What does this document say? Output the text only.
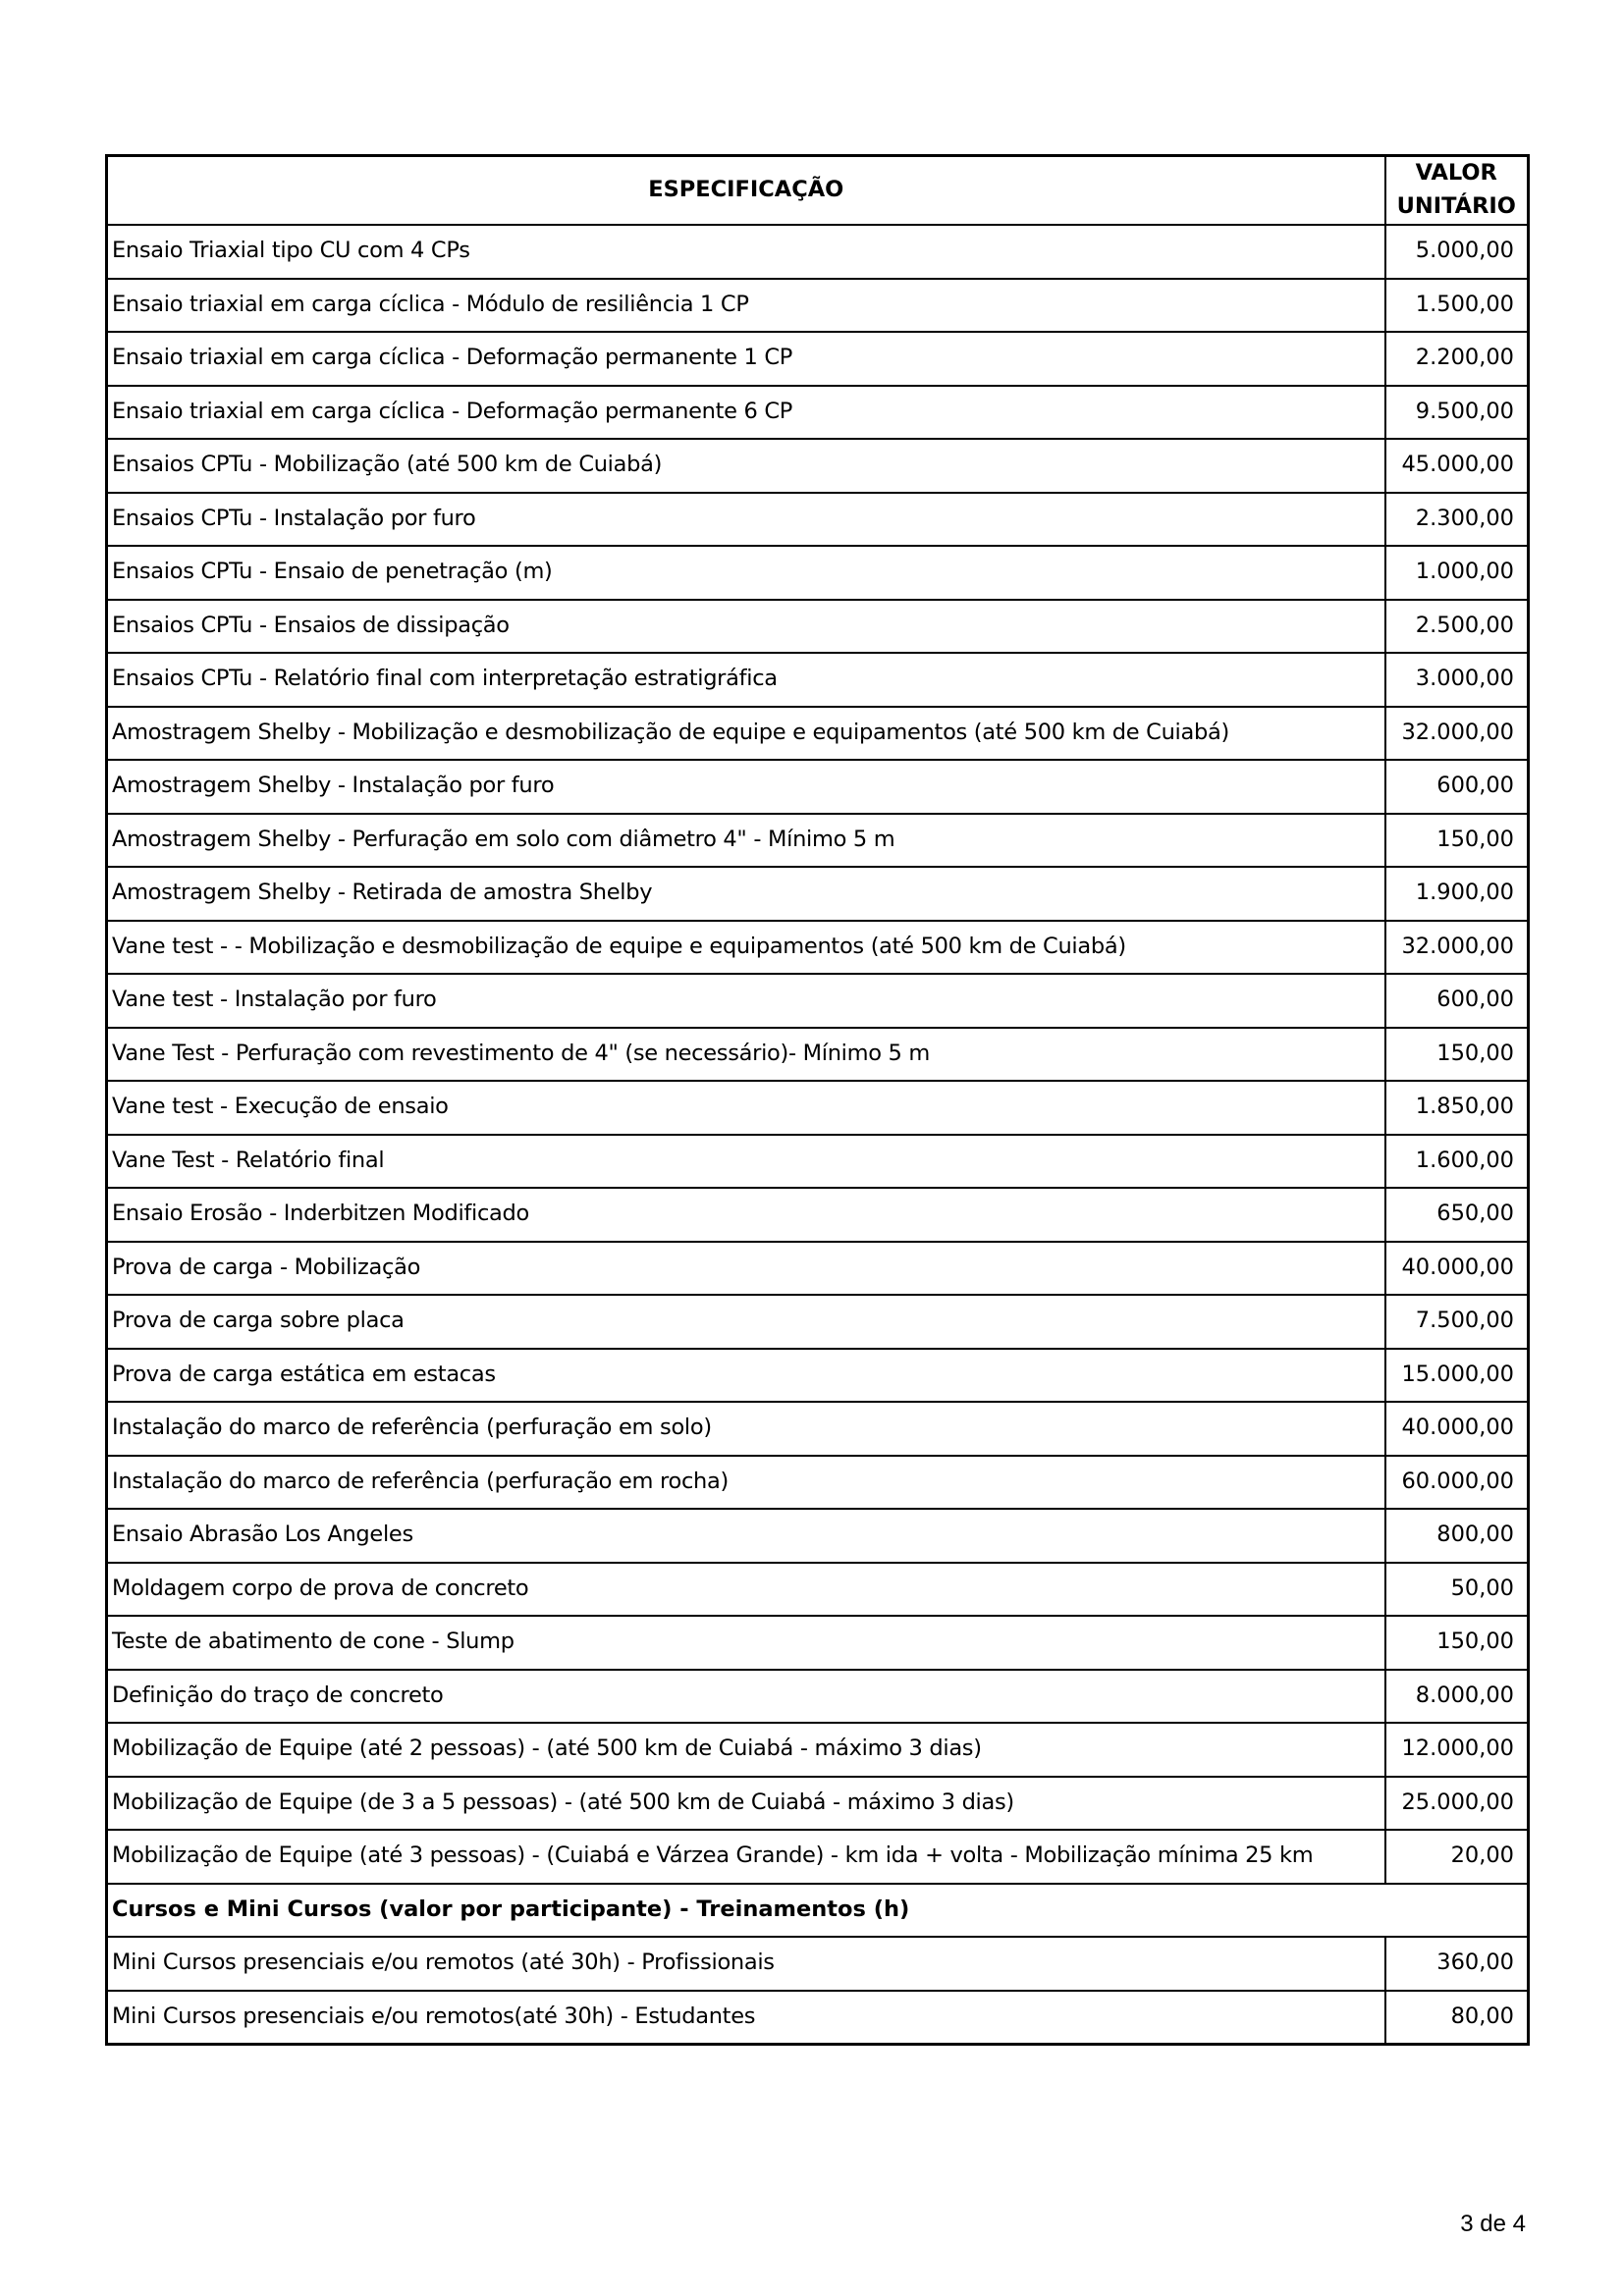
ESPECIFICAÇÃO	VALOR
UNITÁRIO
Ensaio Triaxial tipo CU com 4 CPs	5.000,00
Ensaio triaxial em carga cíclica - Módulo de resiliência 1 CP	1.500,00
Ensaio triaxial em carga cíclica - Deformação permanente 1 CP	2.200,00
Ensaio triaxial em carga cíclica - Deformação permanente 6 CP	9.500,00
Ensaios CPTu - Mobilização (até 500 km de Cuiabá)	45.000,00
Ensaios CPTu - Instalação por furo	2.300,00
Ensaios CPTu - Ensaio de penetração (m)	1.000,00
Ensaios CPTu - Ensaios de dissipação	2.500,00
Ensaios CPTu - Relatório final com interpretação estratigráfica	3.000,00
Amostragem Shelby - Mobilização e desmobilização de equipe e equipamentos (até 500 km de Cuiabá)	32.000,00
Amostragem Shelby - Instalação por furo	600,00
Amostragem Shelby - Perfuração em solo com diâmetro 4" - Mínimo 5 m	150,00
Amostragem Shelby - Retirada de amostra Shelby	1.900,00
Vane test - - Mobilização e desmobilização de equipe e equipamentos (até 500 km de Cuiabá)	32.000,00
Vane test - Instalação por furo	600,00
Vane Test - Perfuração com revestimento de 4" (se necessário)- Mínimo 5 m	150,00
Vane test - Execução de ensaio	1.850,00
Vane Test - Relatório final	1.600,00
Ensaio Erosão - Inderbitzen Modificado	650,00
Prova de carga - Mobilização	40.000,00
Prova de carga sobre placa	7.500,00
Prova de carga estática em estacas	15.000,00
Instalação do marco de referência (perfuração em solo)	40.000,00
Instalação do marco de referência (perfuração em rocha)	60.000,00
Ensaio Abrasão Los Angeles	800,00
Moldagem corpo de prova de concreto	50,00
Teste de abatimento de cone - Slump	150,00
Definição do traço de concreto	8.000,00
Mobilização de Equipe (até 2 pessoas) - (até 500 km de Cuiabá - máximo 3 dias)	12.000,00
Mobilização de Equipe (de 3 a 5 pessoas) - (até 500 km de Cuiabá - máximo 3 dias)	25.000,00
Mobilização de Equipe (até 3 pessoas) - (Cuiabá e Várzea Grande) - km ida + volta - Mobilização mínima 25 km	20,00
Cursos e Mini Cursos (valor por participante) - Treinamentos (h)	
Mini Cursos presenciais e/ou remotos (até 30h) - Profissionais	360,00
Mini Cursos presenciais e/ou remotos(até 30h) - Estudantes	80,00
3 de 4
